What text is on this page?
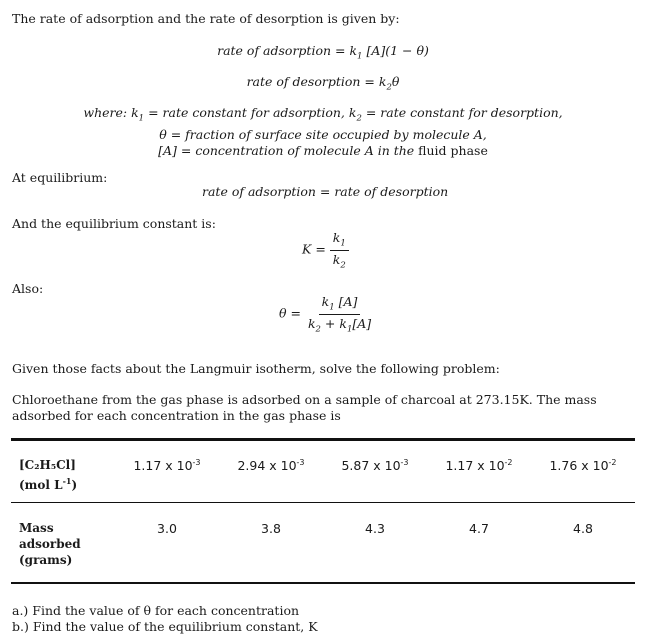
The rate of adsorption and the rate of desorption is given by:
rate of adsorption = $k_1$ [A](1 − θ)
rate of desorption = $k_2\theta$
where: $k_1$ = rate constant for adsorption, $k_2$ = rate constant for desorption,
θ = fraction of surface site occupied by molecule A,
[A] = concentration of molecule A in the fluid phase
At equilibrium:
rate of adsorption = rate of desorption
And the equilibrium constant is:
$K = \frac{k_1}{k_2}$
Also:
$\theta = \frac{k_1 [A]}{k_2 + k_1[A]}$
Given those facts about the Langmuir isotherm, solve the following problem:
Chloroethane from the gas phase is adsorbed on a sample of charcoal at 273.15K. The mass
adsorbed for each concentration in the gas phase is
[C₂H₅Cl]
(mol $L^{-1}$)
1.17 x $10^{-3}$	2.94 x $10^{-3}$	5.87 x $10^{-3}$	1.17 x $10^{-2}$	1.76 x $10^{-2}$
Mass
adsorbed
(grams)
3.0	3.8	4.3	4.7	4.8
a.) Find the value of θ for each concentration
b.) Find the value of the equilibrium constant, K
